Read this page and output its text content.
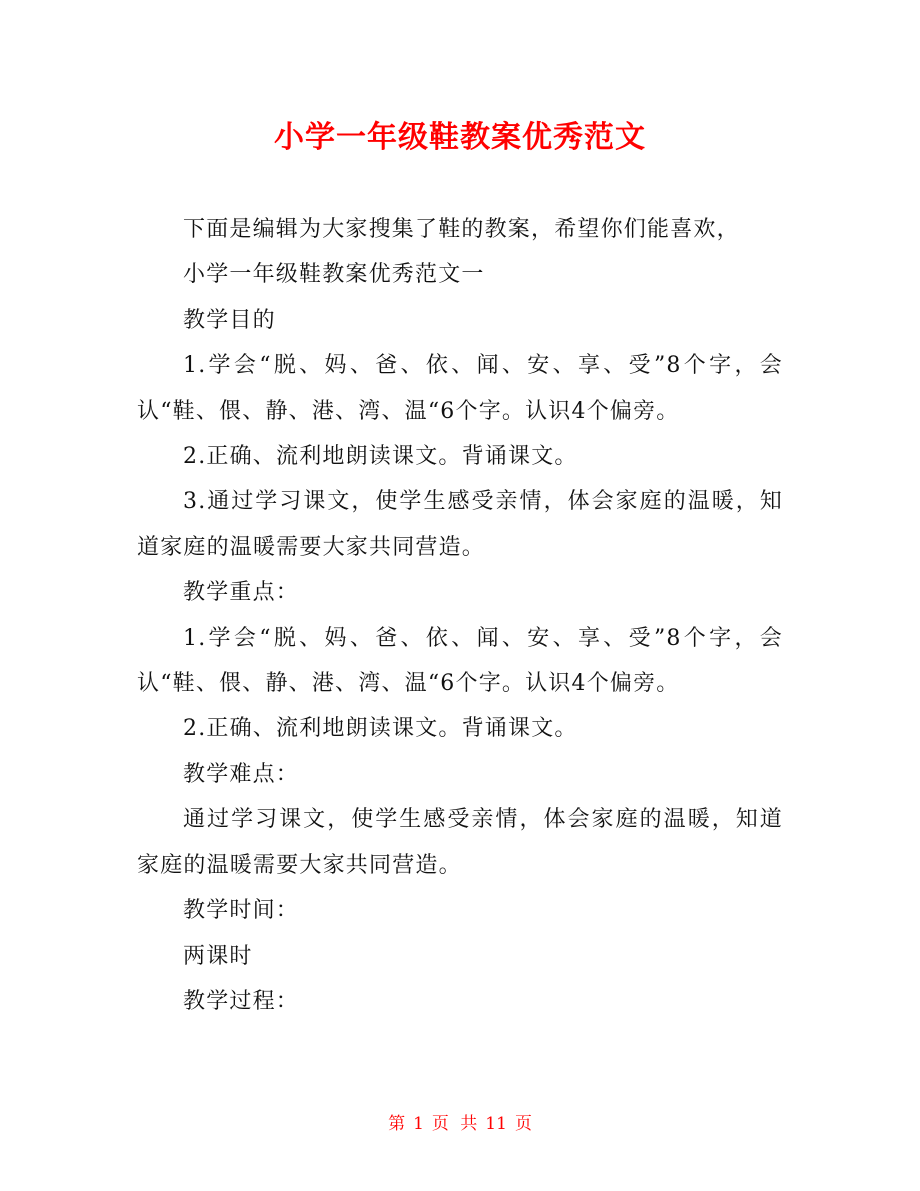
小学一年级鞋教案优秀范文

下面是编辑为大家搜集了鞋的教案，希望你们能喜欢，

小学一年级鞋教案优秀范文一

教学目的

1.学会“脱、妈、爸、依、闻、安、享、受”8个字，会认“鞋、偎、静、港、湾、温“6个字。认识4个偏旁。

2.正确、流利地朗读课文。背诵课文。

3.通过学习课文，使学生感受亲情，体会家庭的温暖，知道家庭的温暖需要大家共同营造。

教学重点：

1.学会“脱、妈、爸、依、闻、安、享、受”8个字，会认“鞋、偎、静、港、湾、温“6个字。认识4个偏旁。

2.正确、流利地朗读课文。背诵课文。

教学难点：

通过学习课文，使学生感受亲情，体会家庭的温暖，知道家庭的温暖需要大家共同营造。

教学时间：

两课时

教学过程：

第 1 页 共 11 页
